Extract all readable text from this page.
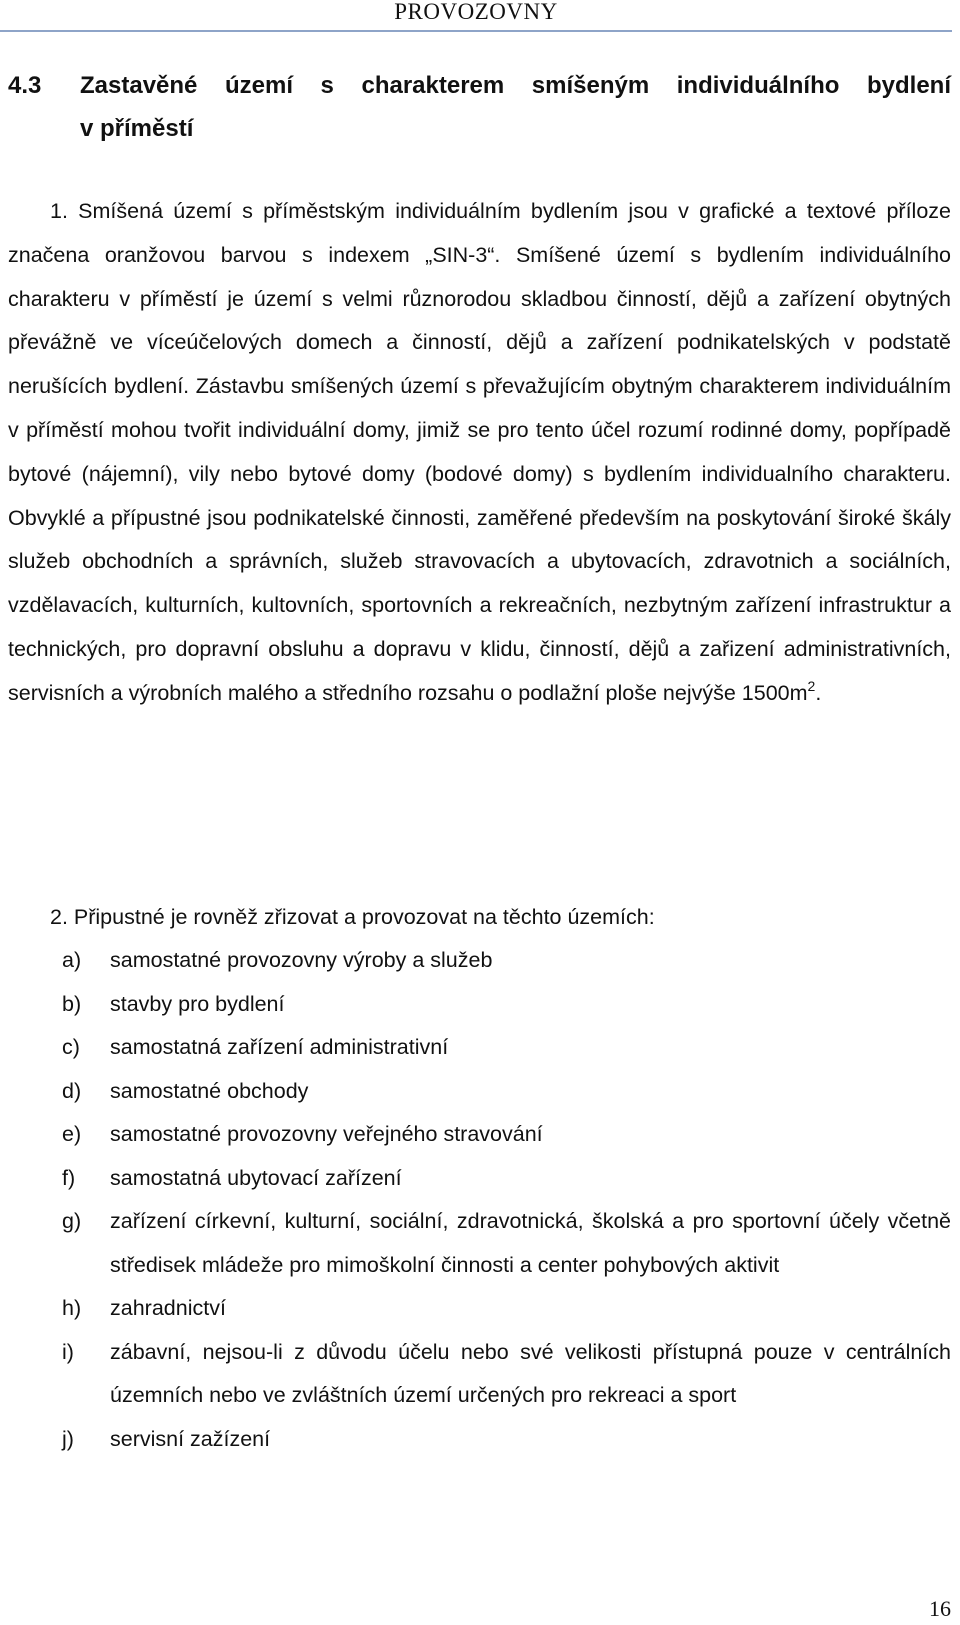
PROVOZOVNY
4.3	Zastavěné území s charakterem smíšeným individuálního bydlení
v příměstí

1. Smíšená území s příměstským individuálním bydlením jsou v grafické a textové příloze značena oranžovou barvou s indexem „SIN-3“. Smíšené území s bydlením individuálního charakteru v příměstí je území s velmi různorodou skladbou činností, dějů a zařízení obytných převážně ve víceúčelových domech a činností, dějů a zařízení podnikatelských v podstatě nerušících bydlení. Zástavbu smíšených území s převažujícím obytným charakterem individuálním v příměstí mohou tvořit individuální domy, jimiž se pro tento účel rozumí rodinné domy, popřípadě bytové (nájemní), vily nebo bytové domy (bodové domy) s bydlením individualního charakteru. Obvyklé a přípustné jsou podnikatelské činnosti, zaměřené především na poskytování široké škály služeb obchodních a správních, služeb stravovacích a ubytovacích, zdravotnich a sociálních, vzdělavacích, kulturních, kultovních, sportovních a rekreačních, nezbytným zařízení infrastruktur a technických, pro dopravní obsluhu a dopravu v klidu, činností, dějů a zařizení administrativních, servisních a výrobních malého a středního rozsahu o podlažní ploše nejvýše $1500m^2$.

2. Připustné je rovněž zřizovat a provozovat na těchto územích:
a)	samostatné provozovny výroby a služeb
b)	stavby pro bydlení
c)	samostatná zařízení administrativní
d)	samostatné obchody
e)	samostatné provozovny veřejného stravování
f)	samostatná ubytovací zařízení
g)	zařízení církevní, kulturní, sociální, zdravotnická, školská a pro sportovní účely včetně středisek mládeže pro mimoškolní činnosti a center pohybových aktivit
h)	zahradnictví
i)	zábavní, nejsou-li z důvodu účelu nebo své velikosti přístupná pouze v centrálních územních nebo ve zvláštních území určených pro rekreaci a sport
j)	servisní zažízení
16
